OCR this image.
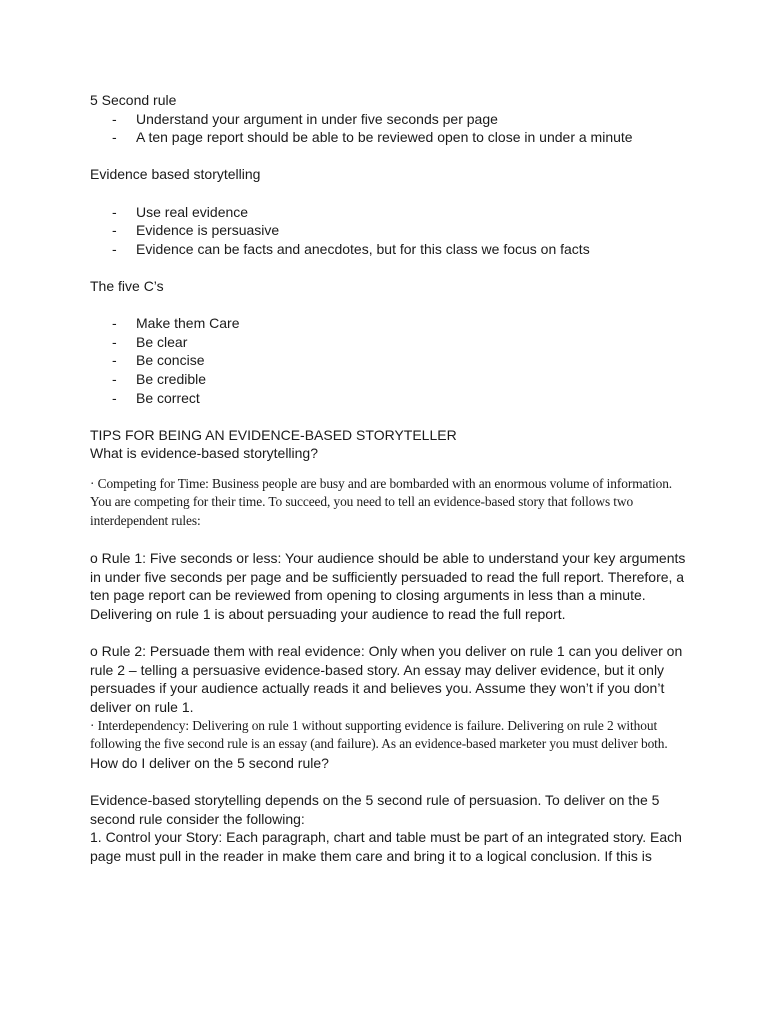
5 Second rule

- Understand your argument in under five seconds per page
- A ten page report should be able to be reviewed open to close in under a minute

Evidence based storytelling

- Use real evidence
- Evidence is persuasive
- Evidence can be facts and anecdotes, but for this class we focus on facts

The five C’s

- Make them Care
- Be clear
- Be concise
- Be credible
- Be correct

TIPS FOR BEING AN EVIDENCE-BASED STORYTELLER

What is evidence-based storytelling?

· Competing for Time: Business people are busy and are bombarded with an enormous volume of information. You are competing for their time. To succeed, you need to tell an evidence-based story that follows two interdependent rules:

o Rule 1: Five seconds or less: Your audience should be able to understand your key arguments in under five seconds per page and be sufficiently persuaded to read the full report. Therefore, a ten page report can be reviewed from opening to closing arguments in less than a minute. Delivering on rule 1 is about persuading your audience to read the full report.

o Rule 2: Persuade them with real evidence: Only when you deliver on rule 1 can you deliver on rule 2 – telling a persuasive evidence-based story. An essay may deliver evidence, but it only persuades if your audience actually reads it and believes you. Assume they won’t if you don’t deliver on rule 1.

· Interdependency: Delivering on rule 1 without supporting evidence is failure. Delivering on rule 2 without following the five second rule is an essay (and failure). As an evidence-based marketer you must deliver both.

How do I deliver on the 5 second rule?

Evidence-based storytelling depends on the 5 second rule of persuasion. To deliver on the 5 second rule consider the following:

1. Control your Story: Each paragraph, chart and table must be part of an integrated story. Each page must pull in the reader in make them care and bring it to a logical conclusion. If this is
